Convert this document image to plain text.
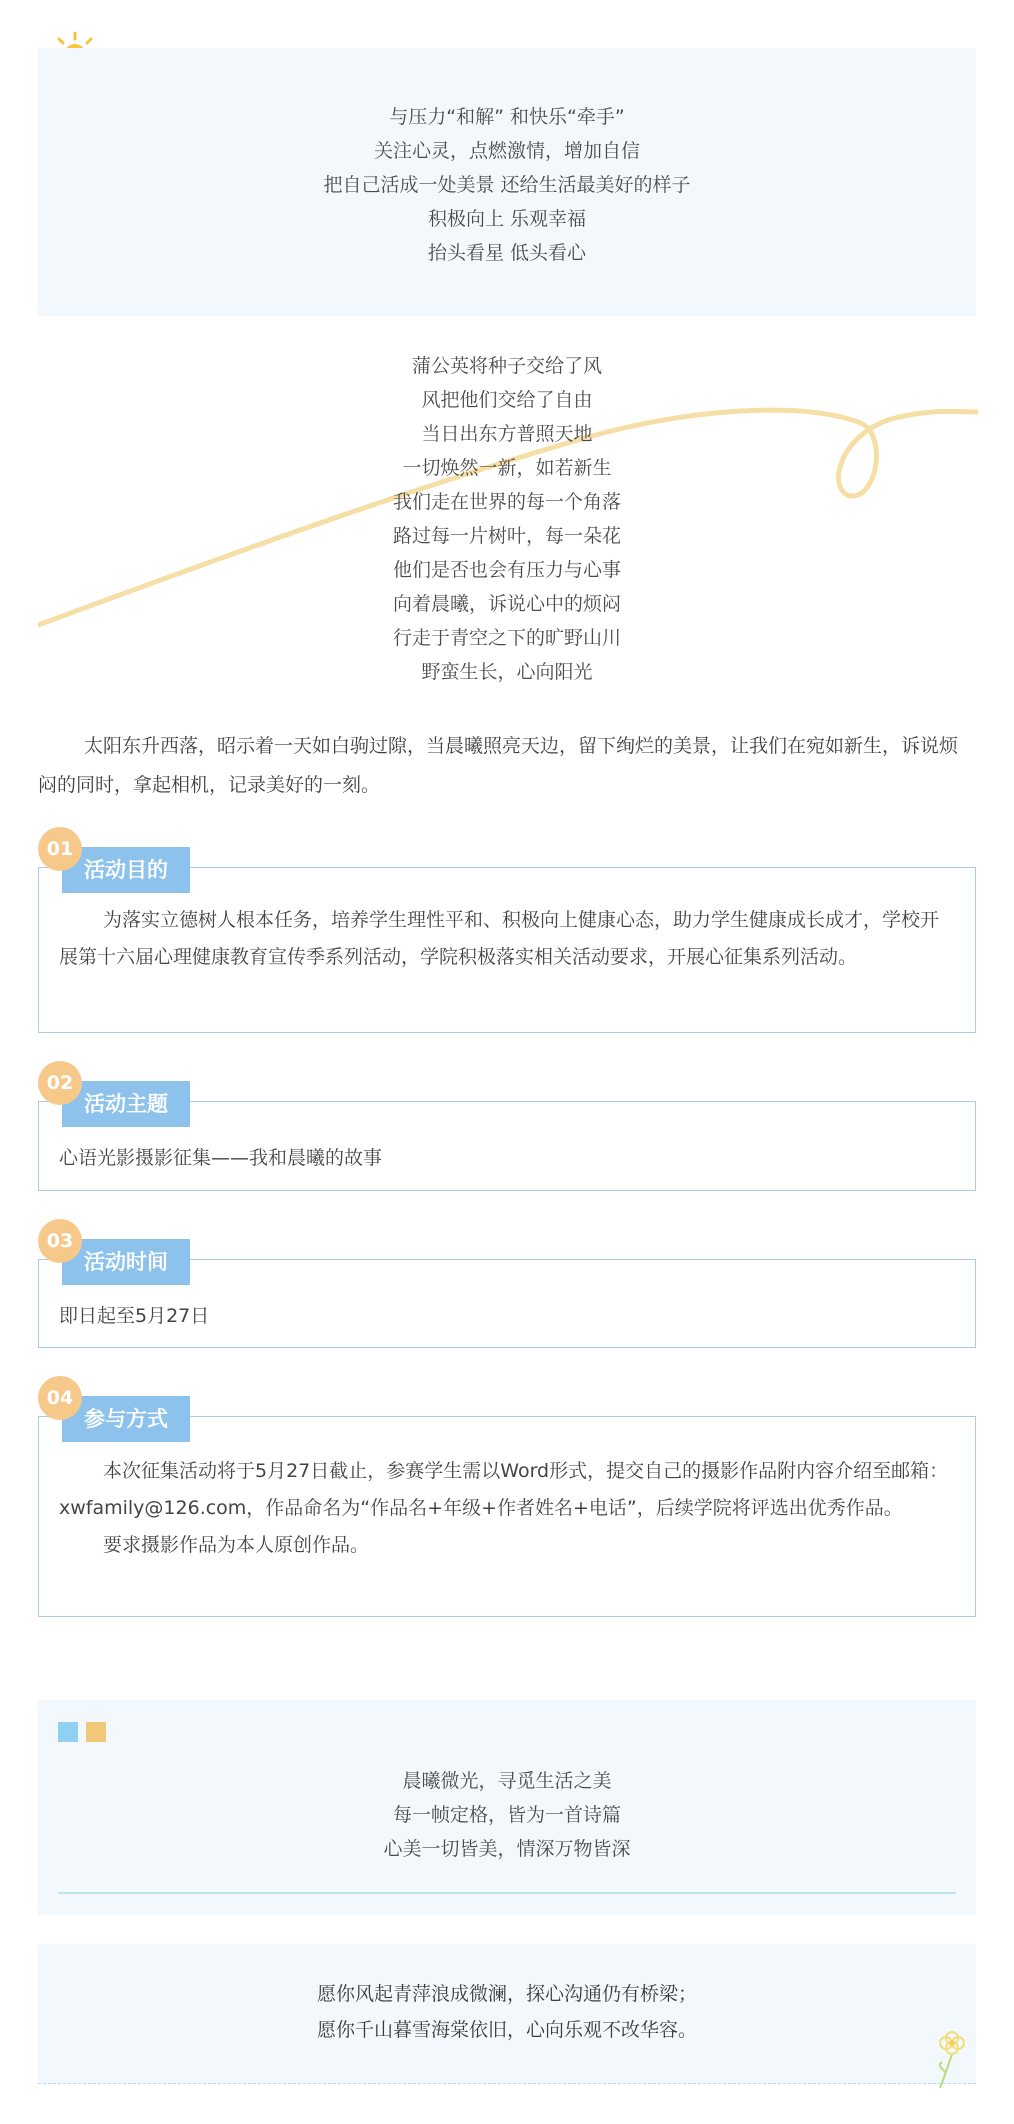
与压力“和解” 和快乐“牵手”
关注心灵，点燃激情，增加自信
把自己活成一处美景 还给生活最美好的样子
积极向上 乐观幸福
抬头看星 低头看心
蒲公英将种子交给了风
风把他们交给了自由
当日出东方普照天地
一切焕然一新，如若新生
我们走在世界的每一个角落
路过每一片树叶，每一朵花
他们是否也会有压力与心事
向着晨曦，诉说心中的烦闷
行走于青空之下的旷野山川
野蛮生长，心向阳光

太阳东升西落，昭示着一天如白驹过隙，当晨曦照亮天边，留下绚烂的美景，让我们在宛如新生，诉说烦闷的同时，拿起相机，记录美好的一刻。

为落实立德树人根本任务，培养学生理性平和、积极向上健康心态，助力学生健康成长成才，学校开展第十六届心理健康教育宣传季系列活动，学院积极落实相关活动要求，开展心征集系列活动。

活动目的
01

心语光影摄影征集——我和晨曦的故事

活动主题
02

即日起至5月27日

活动时间
03

本次征集活动将于5月27日截止，参赛学生需以Word形式，提交自己的摄影作品附内容介绍至邮箱：xwfamily@126.com，作品命名为“作品名+年级+作者姓名+电话”，后续学院将评选出优秀作品。

要求摄影作品为本人原创作品。

参与方式
04
晨曦微光，寻觅生活之美
每一帧定格，皆为一首诗篇
心美一切皆美，情深万物皆深
愿你风起青萍浪成微澜，探心沟通仍有桥梁；
愿你千山暮雪海棠依旧，心向乐观不改华容。
